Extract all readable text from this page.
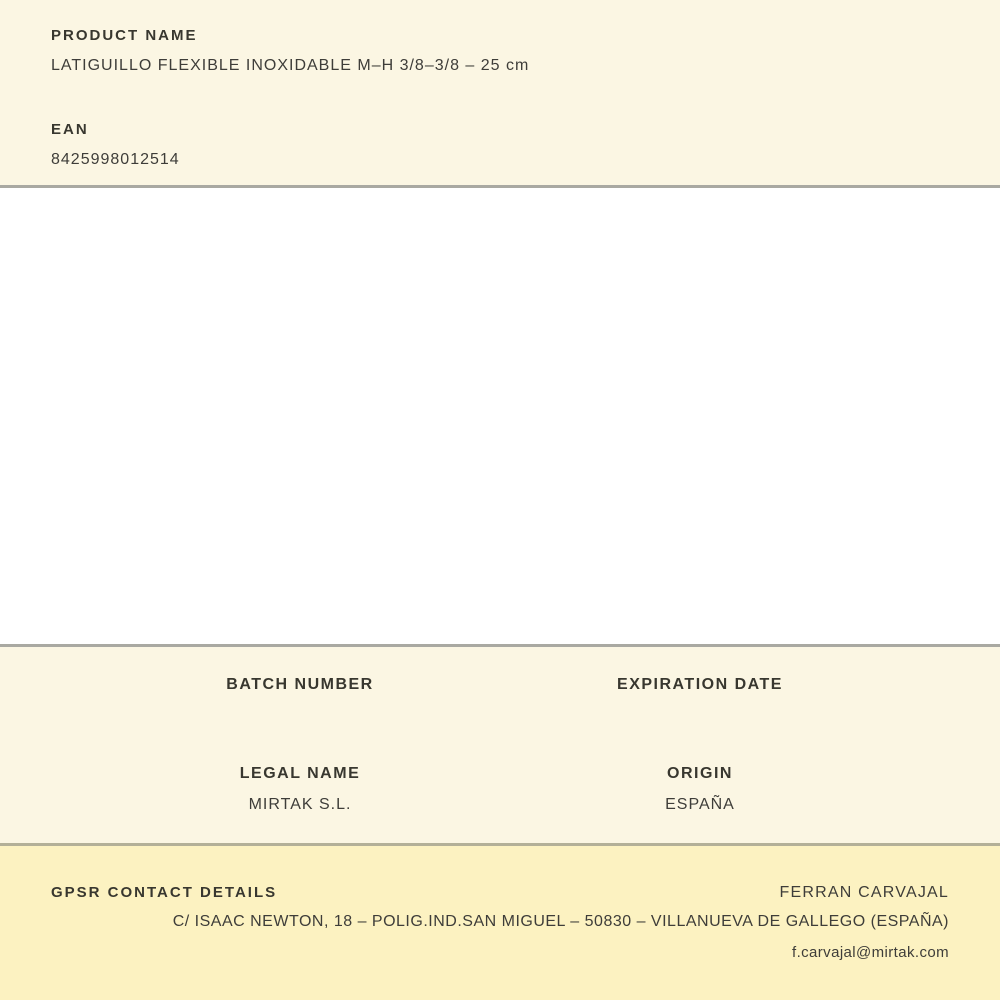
PRODUCT NAME
LATIGUILLO FLEXIBLE INOXIDABLE M–H 3/8–3/8 – 25 cm
EAN
8425998012514
BATCH NUMBER	EXPIRATION DATE
LEGAL NAME
MIRTAK S.L.
ORIGIN
ESPAÑA
GPSR CONTACT DETAILS	FERRAN CARVAJAL
C/ ISAAC NEWTON, 18 – POLIG.IND.SAN MIGUEL – 50830 – VILLANUEVA DE GALLEGO (ESPAÑA)
f.carvajal@mirtak.com
